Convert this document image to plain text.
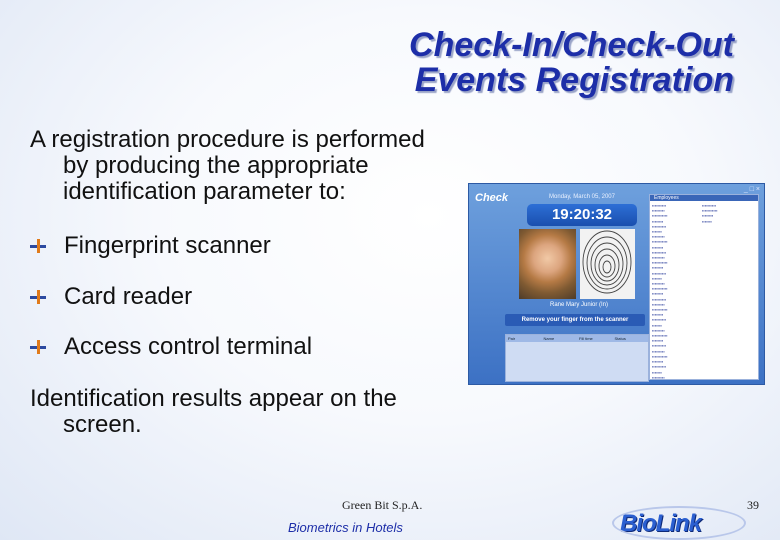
Check-In/Check-Out
Events Registration
A registration procedure is performed
by producing the appropriate
identification parameter to:
Fingerprint scanner
Card reader
Access control terminal
Identification results appear on the
screen.
Check
_ □ ×
Monday, March 05, 2007
19:20:32
Rane Mary Junior (In)
Remove your finger from the scanner
Pair	Name	Fill time	Status
Employees
▪▪▪▪▪▪▪▪▪▪
▪▪▪▪▪▪▪▪▪
▪▪▪▪▪▪▪▪▪▪▪
▪▪▪▪▪▪▪▪
▪▪▪▪▪▪▪▪▪▪
▪▪▪▪▪▪▪
▪▪▪▪▪▪▪▪▪
▪▪▪▪▪▪▪▪▪▪▪
▪▪▪▪▪▪▪▪
▪▪▪▪▪▪▪▪▪▪
▪▪▪▪▪▪▪▪▪
▪▪▪▪▪▪▪▪▪▪▪
▪▪▪▪▪▪▪▪
▪▪▪▪▪▪▪▪▪▪
▪▪▪▪▪▪▪
▪▪▪▪▪▪▪▪▪
▪▪▪▪▪▪▪▪▪▪▪
▪▪▪▪▪▪▪▪
▪▪▪▪▪▪▪▪▪▪
▪▪▪▪▪▪▪▪▪
▪▪▪▪▪▪▪▪▪▪▪
▪▪▪▪▪▪▪▪
▪▪▪▪▪▪▪▪▪▪
▪▪▪▪▪▪▪
▪▪▪▪▪▪▪▪▪
▪▪▪▪▪▪▪▪▪▪▪
▪▪▪▪▪▪▪▪
▪▪▪▪▪▪▪▪▪▪
▪▪▪▪▪▪▪▪▪
▪▪▪▪▪▪▪▪▪▪▪
▪▪▪▪▪▪▪▪
▪▪▪▪▪▪▪▪▪▪
▪▪▪▪▪▪▪
▪▪▪▪▪▪▪▪▪
▪▪▪▪▪▪▪▪▪▪
▪▪▪▪▪▪▪▪▪▪▪
▪▪▪▪▪▪▪▪
▪▪▪▪▪▪▪
Green Bit S.p.A.	39
Biometrics in Hotels	BioLink
